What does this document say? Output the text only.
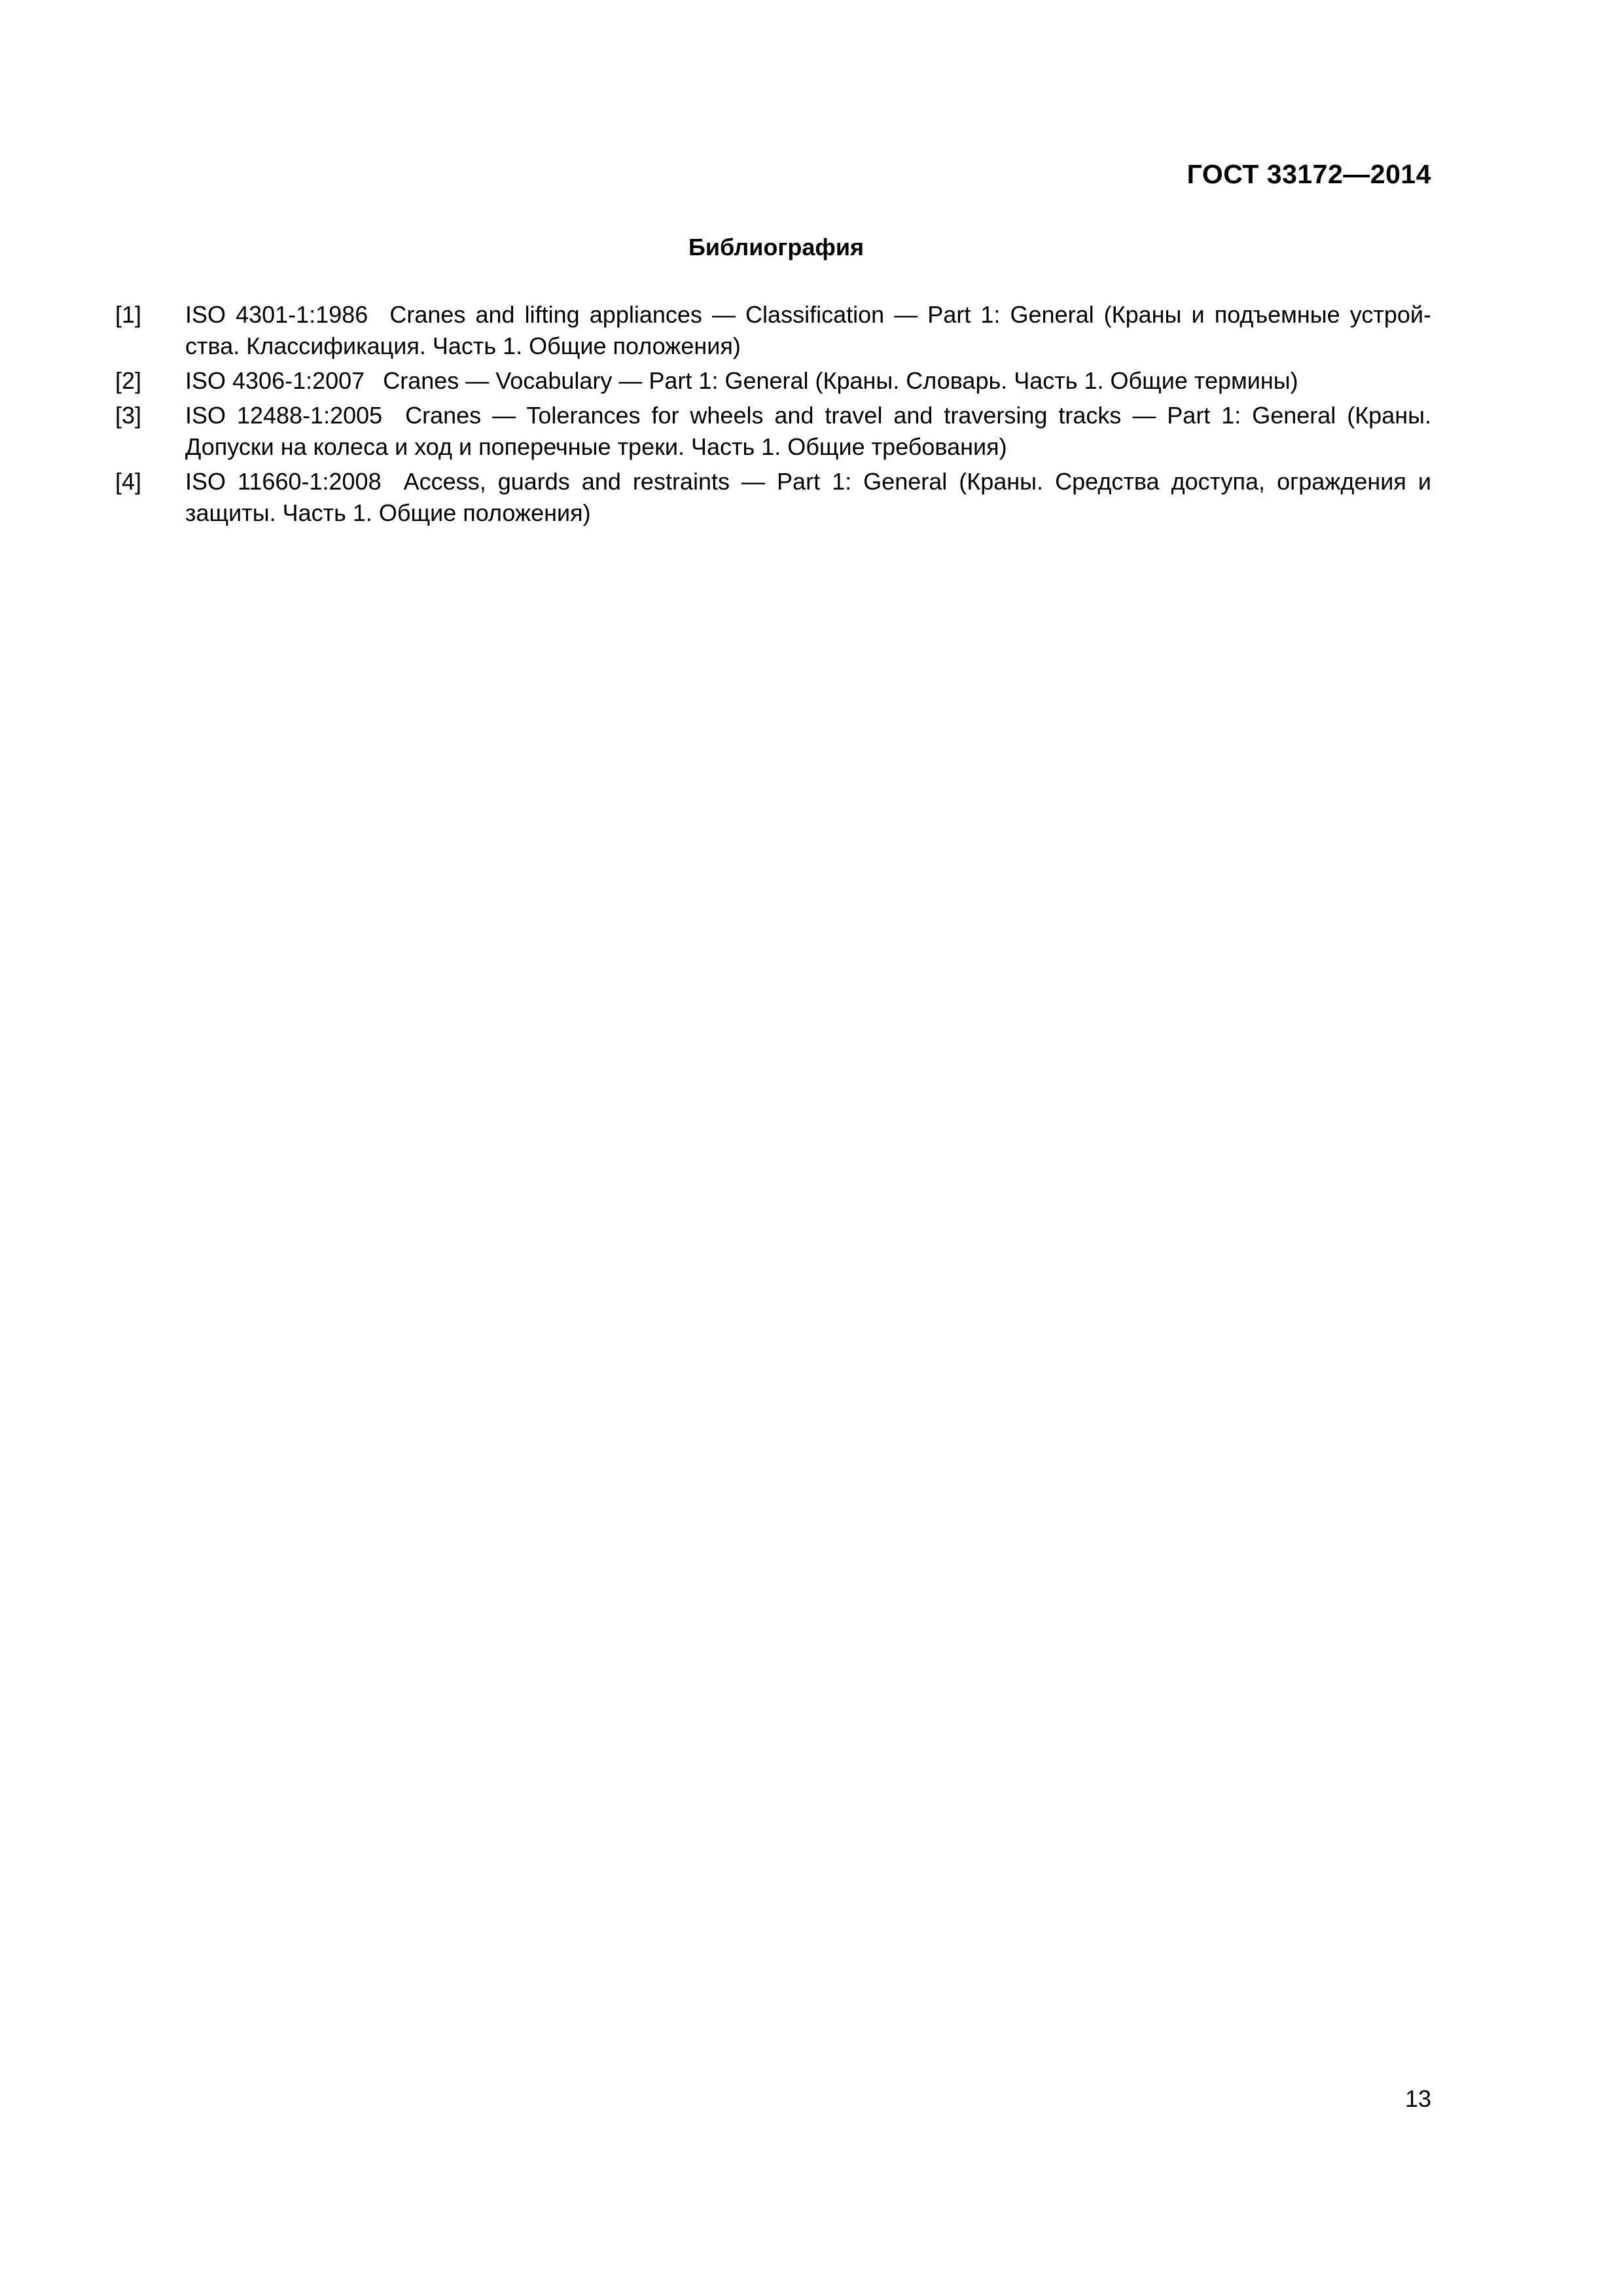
ГОСТ 33172—2014
Библиография
[1] ISO 4301-1:1986 Cranes and lifting appliances — Classification — Part 1: General (Краны и подъемные устрой-
ства. Классификация. Часть 1. Общие положения)
[2] ISO 4306-1:2007 Cranes — Vocabulary — Part 1: General (Краны. Словарь. Часть 1. Общие термины)
[3] ISO 12488-1:2005 Cranes — Tolerances for wheels and travel and traversing tracks — Part 1: General (Краны.
Допуски на колеса и ход и поперечные треки. Часть 1. Общие требования)
[4] ISO 11660-1:2008 Access, guards and restraints — Part 1: General (Краны. Средства доступа, ограждения и
защиты. Часть 1. Общие положения)
13
